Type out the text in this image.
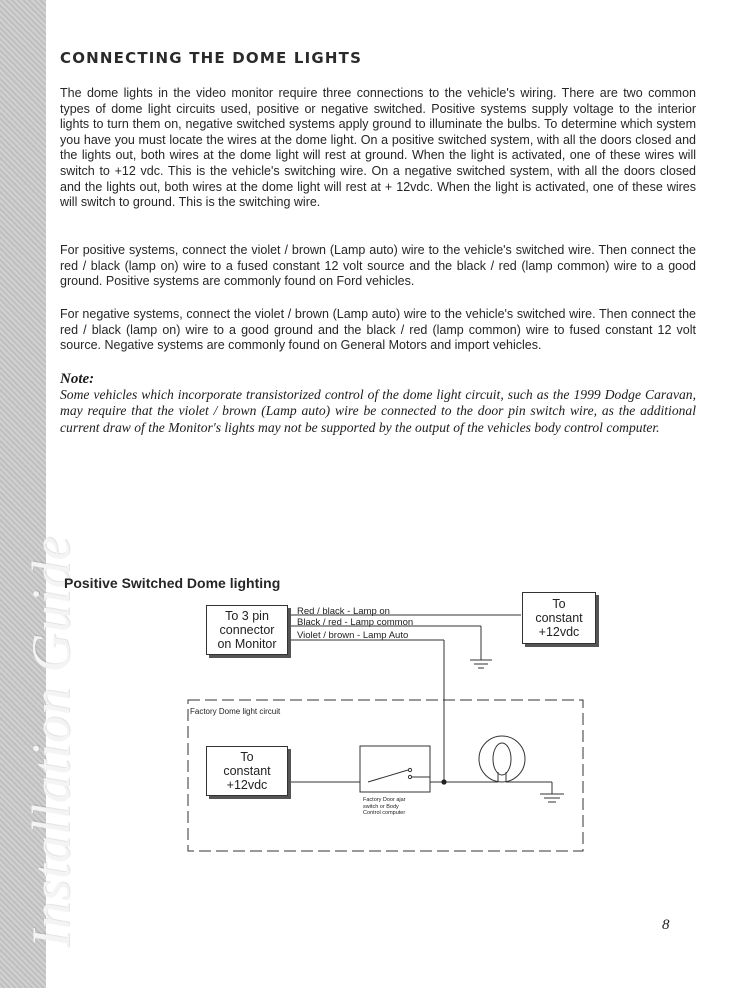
Installation Guide
CONNECTING THE DOME LIGHTS

The dome lights in the video monitor require three connections to the vehicle's wiring. There are two common types of dome light circuits used, positive or negative switched. Positive systems supply voltage to the interior lights to turn them on, negative switched systems apply ground to illuminate the bulbs. To determine which system you have you must locate the wires at the dome light. On a positive switched system, with all the doors closed and the lights out, both wires at the dome light will rest at ground. When the light is activated, one of these wires will switch to +12 vdc. This is the vehicle's switching wire. On a negative switched system, with all the doors closed and the lights out, both wires at the dome light will rest at + 12vdc. When the light is activated, one of these wires will switch to ground. This is the switching wire.

For positive systems, connect the violet / brown (Lamp auto) wire to the vehicle's switched wire. Then connect the red / black (lamp on) wire to a fused constant 12 volt source and the black / red (lamp common) wire to a good ground. Positive systems are commonly found on Ford vehicles.

For negative systems, connect the violet / brown (Lamp auto) wire to the vehicle's switched wire. Then connect the red / black (lamp on) wire to a good ground and the black / red (lamp common) wire to fused constant 12 volt source. Negative systems are commonly found on General Motors and import vehicles.

Note:

Some vehicles which incorporate transistorized control of the dome light circuit, such as the 1999 Dodge Caravan, may require that the violet / brown (Lamp auto) wire be connected to the door pin switch wire, as the additional current draw of the Monitor's lights may not be supported by the output of the vehicles body control computer.

Positive Switched Dome lighting

To 3 pin
connector
on Monitor
To
constant
+12vdc
Red / black - Lamp on
Black / red - Lamp common
Violet / brown - Lamp Auto
Factory Dome light circuit
To
constant
+12vdc
Factory Door ajar
switch or Body
Control computer
8
